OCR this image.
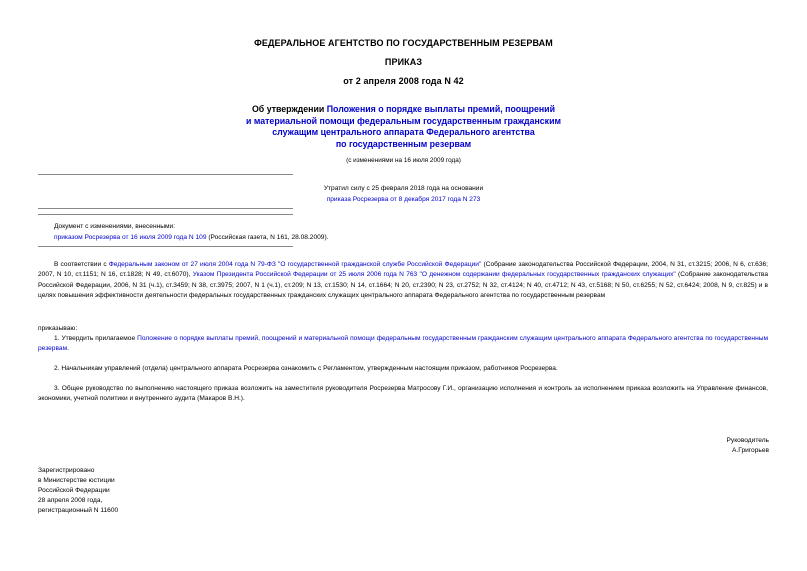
ФЕДЕРАЛЬНОЕ АГЕНТСТВО ПО ГОСУДАРСТВЕННЫМ РЕЗЕРВАМ
ПРИКАЗ
от 2 апреля 2008 года N 42
Об утверждении Положения о порядке выплаты премий, поощрений
и материальной помощи федеральным государственным гражданским
служащим центрального аппарата Федерального агентства
по государственным резервам
(с изменениями на 16 июля 2009 года)
Утратил силу с 25 февраля 2018 года на основании
приказа Росрезерва от 8 декабря 2017 года N 273
Документ с изменениями, внесенными:
приказом Росрезерва от 16 июля 2009 года N 109 (Российская газета, N 161, 28.08.2009).
В соответствии с Федеральным законом от 27 июля 2004 года N 79-ФЗ "О государственной гражданской службе Российской Федерации" (Собрание законодательства Российской Федерации, 2004, N 31, ст.3215; 2006, N 6, ст.636; 2007, N 10, ст.1151; N 16, ст.1828; N 49, ст.6070), Указом Президента Российской Федерации от 25 июля 2006 года N 763 "О денежном содержании федеральных государственных гражданских служащих" (Собрание законодательства Российской Федерации, 2006, N 31 (ч.1), ст.3459; N 38, ст.3975; 2007, N 1 (ч.1), ст.209; N 13, ст.1530; N 14, ст.1664; N 20, ст.2390; N 23, ст.2752; N 32, ст.4124; N 40, ст.4712; N 43, ст.5168; N 50, ст.6255; N 52, ст.6424; 2008, N 9, ст.825) и в целях повышения эффективности деятельности федеральных государственных гражданских служащих центрального аппарата Федерального агентства по государственным резервам
приказываю:
1. Утвердить прилагаемое Положение о порядке выплаты премий, поощрений и материальной помощи федеральным государственным гражданским служащим центрального аппарата Федерального агентства по государственным резервам.
2. Начальникам управлений (отдела) центрального аппарата Росрезерва ознакомить с Регламентом, утвержденным настоящим приказом, работников Росрезерва.
3. Общее руководство по выполнению настоящего приказа возложить на заместителя руководителя Росрезерва Матросову Г.И., организацию исполнения и контроль за исполнением приказа возложить на Управление финансов, экономики, учетной политики и внутреннего аудита (Макаров В.Н.).
Руководитель
А.Григорьев
Зарегистрировано
в Министерстве юстиции
Российской Федерации
28 апреля 2008 года,
регистрационный N 11600
